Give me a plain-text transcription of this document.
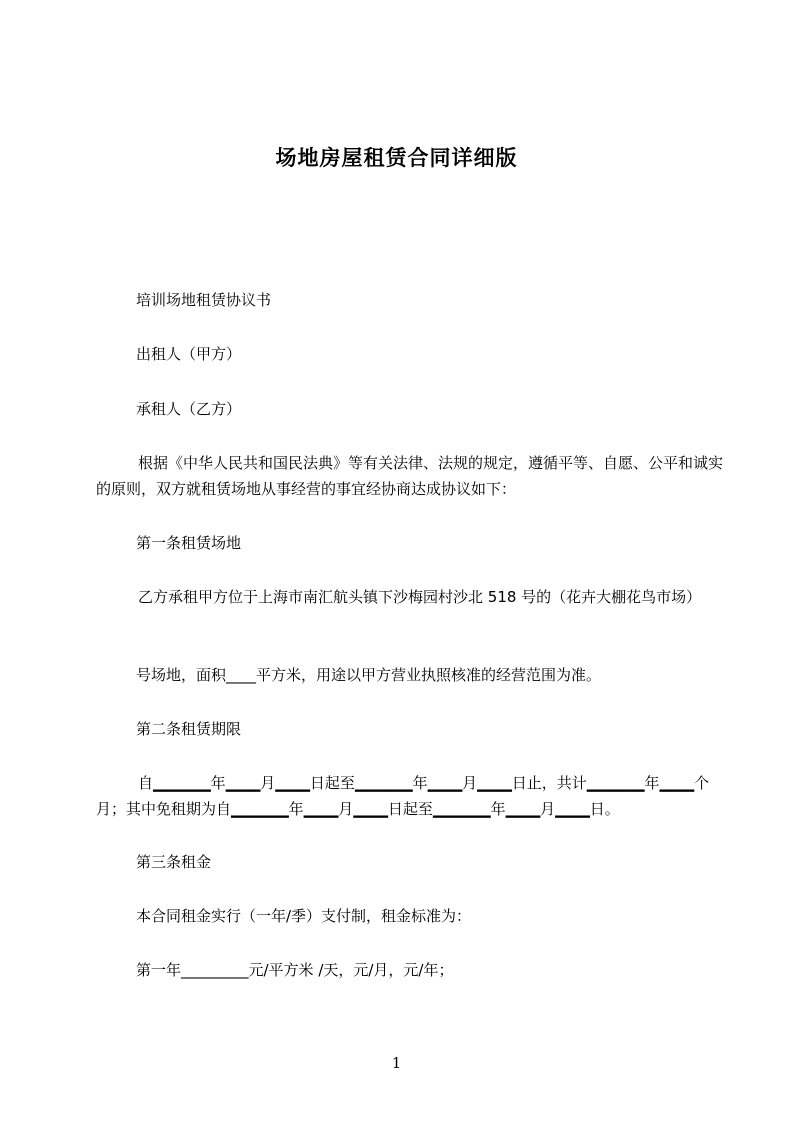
场地房屋租赁合同详细版
培训场地租赁协议书
出租人（甲方）
承租人（乙方）
根据《中华人民共和国民法典》等有关法律、法规的规定，遵循平等、自愿、公平和诚实的原则，双方就租赁场地从事经营的事宜经协商达成协议如下：
第一条租赁场地
乙方承租甲方位于上海市南汇航头镇下沙梅园村沙北 518 号的（花卉大棚花鸟市场）
号场地，面积____平方米，用途以甲方营业执照核准的经营范围为准。
第二条租赁期限
自▁▁▁▁▁年▁▁▁月▁▁▁日起至▁▁▁▁▁年▁▁▁月▁▁▁日止，共计▁▁▁▁▁年▁▁▁个月；其中免租期为自▁▁▁▁▁年▁▁▁月▁▁▁日起至▁▁▁▁▁年▁▁▁月▁▁▁日。
第三条租金
本合同租金实行（一年/季）支付制，租金标准为：
第一年_________元/平方米 /天，元/月，元/年；
1
